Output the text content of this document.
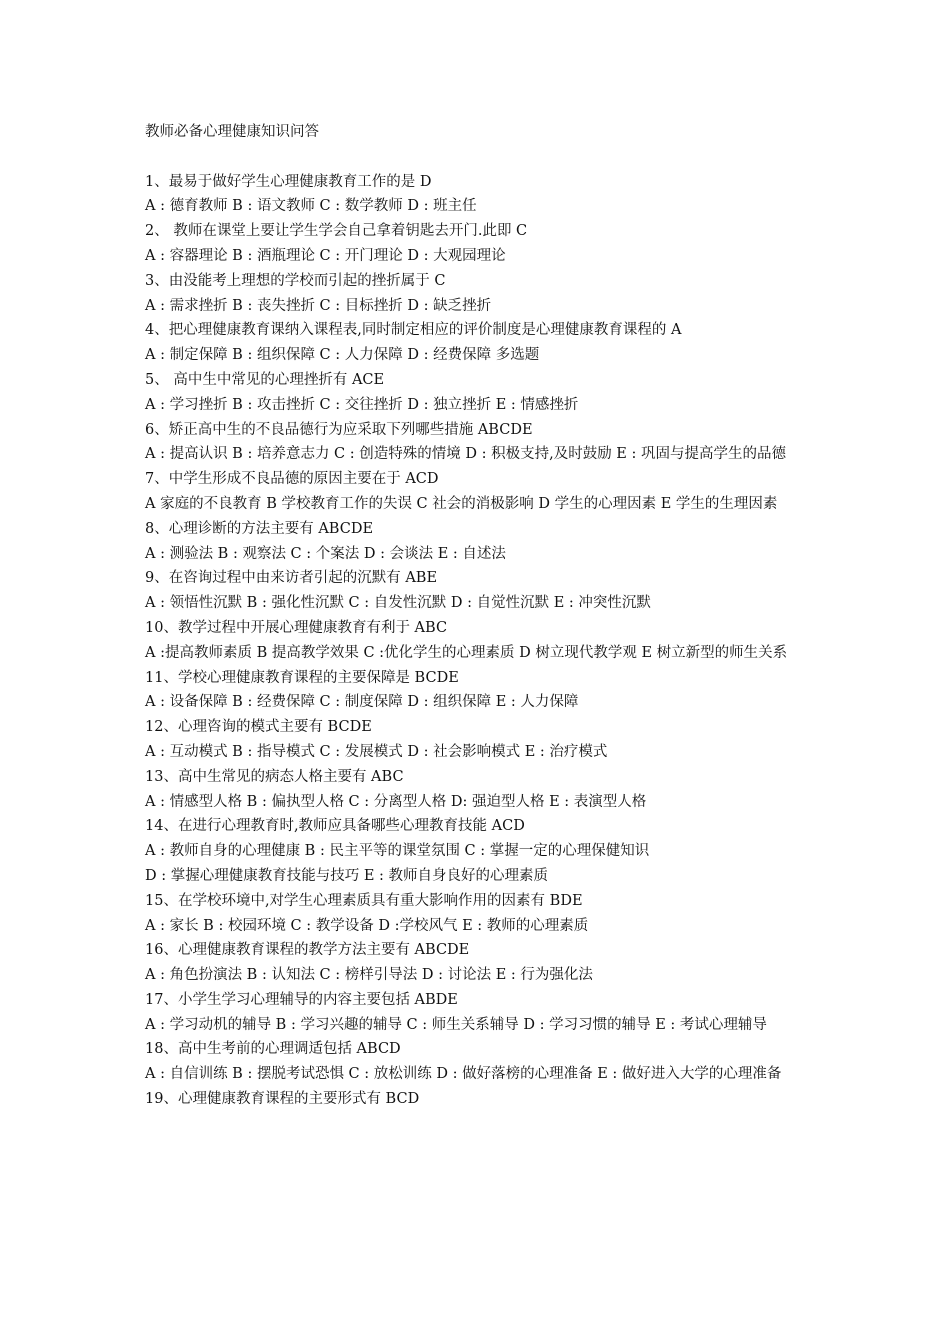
教师必备心理健康知识问答

1、最易于做好学生心理健康教育工作的是 D

A : 德育教师 B : 语文教师 C : 数学教师 D : 班主任

2、 教师在课堂上要让学生学会自己拿着钥匙去开门.此即 C

A : 容器理论 B : 酒瓶理论 C : 开门理论 D : 大观园理论

3、由没能考上理想的学校而引起的挫折属于 C

A : 需求挫折 B : 丧失挫折 C : 目标挫折 D : 缺乏挫折

4、把心理健康教育课纳入课程表,同时制定相应的评价制度是心理健康教育课程的 A

A : 制定保障 B : 组织保障 C : 人力保障 D : 经费保障 多选题

5、 高中生中常见的心理挫折有 ACE

A : 学习挫折 B : 攻击挫折 C : 交往挫折 D : 独立挫折 E : 情感挫折

6、矫正高中生的不良品德行为应采取下列哪些措施 ABCDE

A : 提高认识 B : 培养意志力 C : 创造特殊的情境 D : 积极支持,及时鼓励 E : 巩固与提高学生的品德

7、中学生形成不良品德的原因主要在于 ACD

A 家庭的不良教育 B 学校教育工作的失误 C 社会的消极影响 D 学生的心理因素 E 学生的生理因素

8、心理诊断的方法主要有 ABCDE

A : 测验法 B : 观察法 C : 个案法 D : 会谈法 E : 自述法

9、在咨询过程中由来访者引起的沉默有 ABE

A : 领悟性沉默 B : 强化性沉默 C : 自发性沉默 D : 自觉性沉默 E : 冲突性沉默

10、教学过程中开展心理健康教育有利于 ABC

A :提高教师素质 B 提高教学效果 C :优化学生的心理素质 D 树立现代教学观 E 树立新型的师生关系

11、学校心理健康教育课程的主要保障是 BCDE

A : 设备保障 B : 经费保障 C : 制度保障 D : 组织保障 E : 人力保障

12、心理咨询的模式主要有 BCDE

A : 互动模式 B : 指导模式 C : 发展模式 D : 社会影响模式 E : 治疗模式

13、高中生常见的病态人格主要有 ABC

A : 情感型人格 B : 偏执型人格 C : 分离型人格 D: 强迫型人格 E : 表演型人格

14、在进行心理教育时,教师应具备哪些心理教育技能 ACD

A : 教师自身的心理健康 B : 民主平等的课堂氛围 C : 掌握一定的心理保健知识

D : 掌握心理健康教育技能与技巧 E : 教师自身良好的心理素质

15、在学校环境中,对学生心理素质具有重大影响作用的因素有 BDE

A : 家长 B : 校园环境 C : 教学设备 D :学校风气 E : 教师的心理素质

16、心理健康教育课程的教学方法主要有 ABCDE

A : 角色扮演法 B : 认知法 C : 榜样引导法 D : 讨论法 E : 行为强化法

17、小学生学习心理辅导的内容主要包括 ABDE

A : 学习动机的辅导 B : 学习兴趣的辅导 C : 师生关系辅导 D : 学习习惯的辅导 E : 考试心理辅导

18、高中生考前的心理调适包括 ABCD

A : 自信训练 B : 摆脱考试恐惧 C : 放松训练 D : 做好落榜的心理准备 E : 做好进入大学的心理准备

19、心理健康教育课程的主要形式有 BCD
